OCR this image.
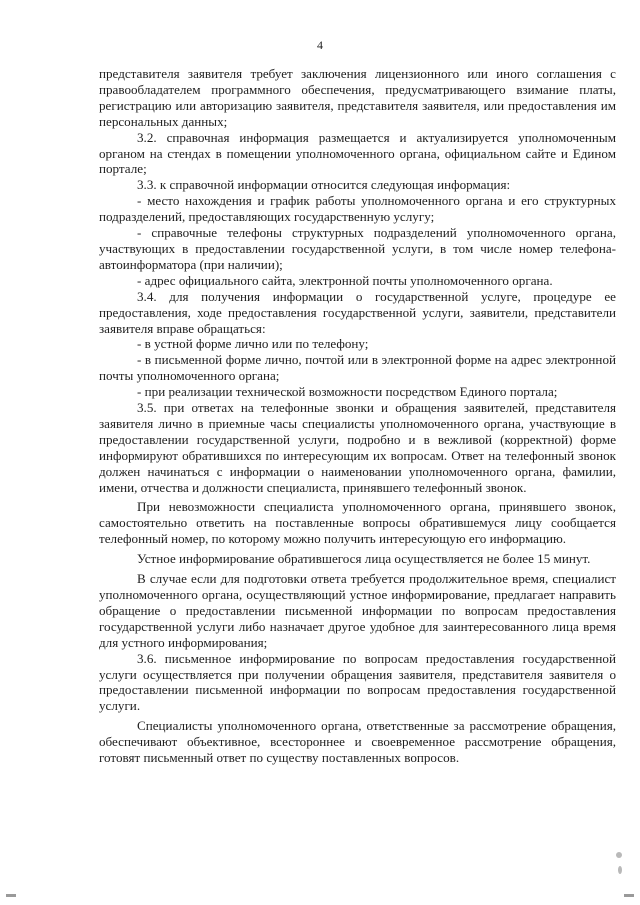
4

представителя заявителя требует заключения лицензионного или иного соглашения с правообладателем программного обеспечения, предусматривающего взимание платы, регистрацию или авторизацию заявителя, представителя заявителя, или предоставления им персональных данных;

3.2. справочная информация размещается и актуализируется уполномоченным органом на стендах в помещении уполномоченного органа, официальном сайте и Едином портале;

3.3. к справочной информации относится следующая информация:

- место нахождения и график работы уполномоченного органа и его структурных подразделений, предоставляющих государственную услугу;

- справочные телефоны структурных подразделений уполномоченного органа, участвующих в предоставлении государственной услуги, в том числе номер телефона-автоинформатора (при наличии);

- адрес официального сайта, электронной почты уполномоченного органа.

3.4. для получения информации о государственной услуге, процедуре ее предоставления, ходе предоставления государственной услуги, заявители, представители заявителя вправе обращаться:

- в устной форме лично или по телефону;

- в письменной форме лично, почтой или в электронной форме на адрес электронной почты уполномоченного органа;

- при реализации технической возможности посредством Единого портала;

3.5. при ответах на телефонные звонки и обращения заявителей, представителя заявителя лично в приемные часы специалисты уполномоченного органа, участвующие в предоставлении государственной услуги, подробно и в вежливой (корректной) форме информируют обратившихся по интересующим их вопросам. Ответ на телефонный звонок должен начинаться с информации о наименовании уполномоченного органа, фамилии, имени, отчества и должности специалиста, принявшего телефонный звонок.

При невозможности специалиста уполномоченного органа, принявшего звонок, самостоятельно ответить на поставленные вопросы обратившемуся лицу сообщается телефонный номер, по которому можно получить интересующую его информацию.

Устное информирование обратившегося лица осуществляется не более 15 минут.

В случае если для подготовки ответа требуется продолжительное время, специалист уполномоченного органа, осуществляющий устное информирование, предлагает направить обращение о предоставлении письменной информации по вопросам предоставления государственной услуги либо назначает другое удобное для заинтересованного лица время для устного информирования;

3.6. письменное информирование по вопросам предоставления государственной услуги осуществляется при получении обращения заявителя, представителя заявителя о предоставлении письменной информации по вопросам предоставления государственной услуги.

Специалисты уполномоченного органа, ответственные за рассмотрение обращения, обеспечивают объективное, всестороннее и своевременное рассмотрение обращения, готовят письменный ответ по существу поставленных вопросов.
